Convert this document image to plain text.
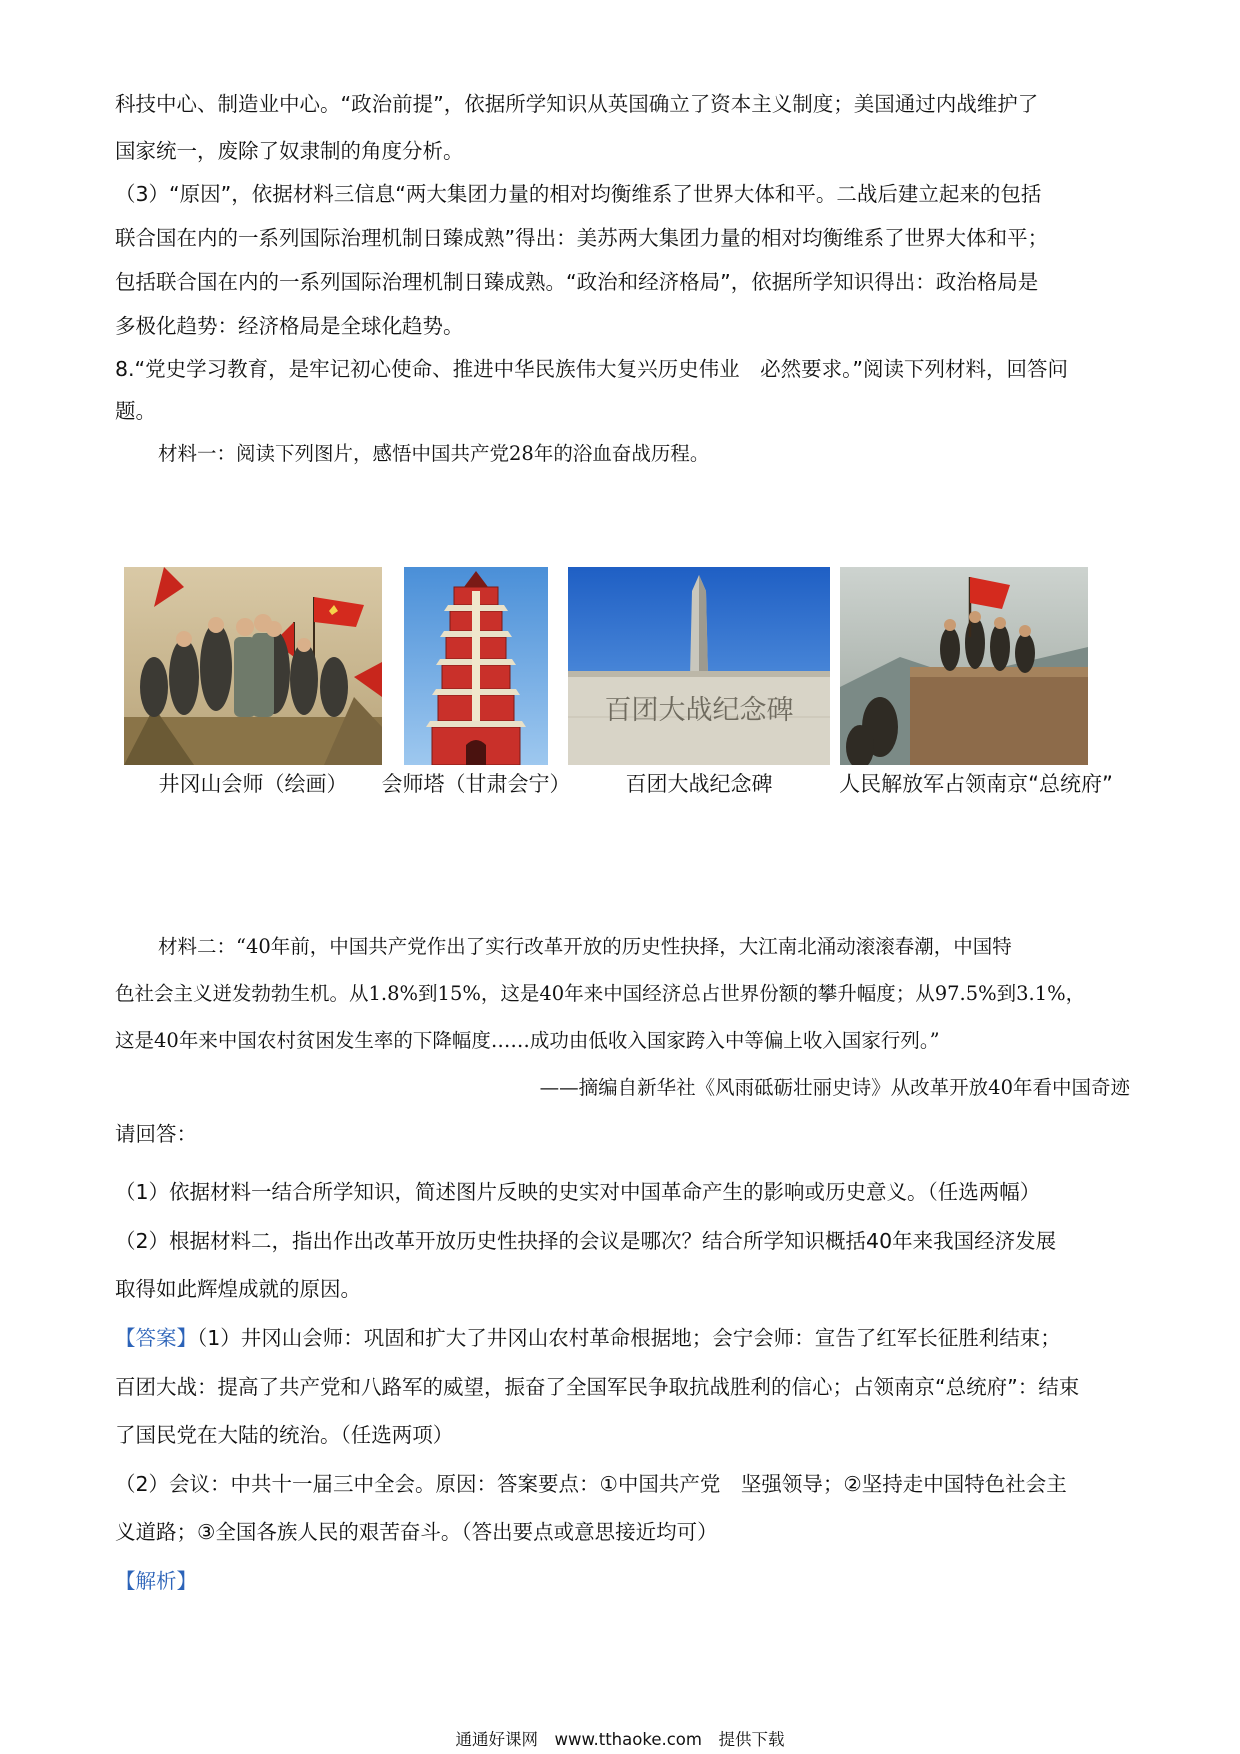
科技中心、制造业中心。“政治前提”，依据所学知识从英国确立了资本主义制度；美国通过内战维护了
国家统一，废除了奴隶制的角度分析。
（3）“原因”，依据材料三信息“两大集团力量的相对均衡维系了世界大体和平。二战后建立起来的包括
联合国在内的一系列国际治理机制日臻成熟”得出：美苏两大集团力量的相对均衡维系了世界大体和平；
包括联合国在内的一系列国际治理机制日臻成熟。“政治和经济格局”，依据所学知识得出：政治格局是
多极化趋势：经济格局是全球化趋势。
8.“党史学习教育，是牢记初心使命、推进中华民族伟大复兴历史伟业　必然要求。”阅读下列材料，回答问
题。
材料一：阅读下列图片，感悟中国共产党28年的浴血奋战历程。
百团大战纪念碑
井冈山会师（绘画）	会师塔（甘肃会宁）	百团大战纪念碑	人民解放军占领南京“总统府”
材料二：“40年前，中国共产党作出了实行改革开放的历史性抉择，大江南北涌动滚滚春潮，中国特
色社会主义迸发勃勃生机。从1.8%到15%，这是40年来中国经济总占世界份额的攀升幅度；从97.5%到3.1%，
这是40年来中国农村贫困发生率的下降幅度……成功由低收入国家跨入中等偏上收入国家行列。”
——摘编自新华社《风雨砥砺壮丽史诗》从改革开放40年看中国奇迹
请回答：
（1）依据材料一结合所学知识，简述图片反映的史实对中国革命产生的影响或历史意义。（任选两幅）
（2）根据材料二，指出作出改革开放历史性抉择的会议是哪次？结合所学知识概括40年来我国经济发展
取得如此辉煌成就的原因。
【答案】（1）井冈山会师：巩固和扩大了井冈山农村革命根据地；会宁会师：宣告了红军长征胜利结束；
百团大战：提高了共产党和八路军的威望，振奋了全国军民争取抗战胜利的信心；占领南京“总统府”：结束
了国民党在大陆的统治。（任选两项）
（2）会议：中共十一届三中全会。原因：答案要点：①中国共产党　坚强领导；②坚持走中国特色社会主
义道路；③全国各族人民的艰苦奋斗。（答出要点或意思接近均可）
【解析】
通通好课网　www.tthaoke.com　提供下载
